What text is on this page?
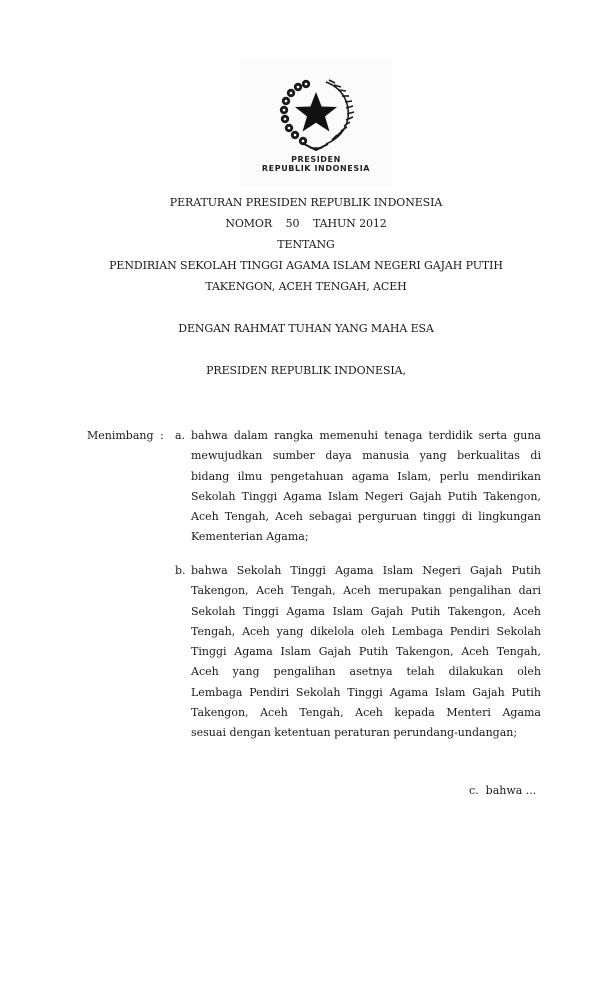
PRESIDEN
REPUBLIK INDONESIA
PERATURAN PRESIDEN REPUBLIK INDONESIA
NOMOR    50    TAHUN 2012
TENTANG
PENDIRIAN SEKOLAH TINGGI AGAMA ISLAM NEGERI GAJAH PUTIH
TAKENGON, ACEH TENGAH, ACEH
DENGAN RAHMAT TUHAN YANG MAHA ESA
PRESIDEN REPUBLIK INDONESIA,
Menimbang : a. bahwa dalam rangka memenuhi tenaga terdidik serta guna
mewujudkan sumber daya manusia yang berkualitas di
bidang ilmu pengetahuan agama Islam, perlu mendirikan
Sekolah Tinggi Agama Islam Negeri Gajah Putih Takengon,
Aceh Tengah, Aceh sebagai perguruan tinggi di lingkungan
Kementerian Agama;
b. bahwa Sekolah Tinggi Agama Islam Negeri Gajah Putih
Takengon, Aceh Tengah, Aceh merupakan pengalihan dari
Sekolah Tinggi Agama Islam Gajah Putih Takengon, Aceh
Tengah, Aceh yang dikelola oleh Lembaga Pendiri Sekolah
Tinggi Agama Islam Gajah Putih Takengon, Aceh Tengah,
Aceh yang pengalihan asetnya telah dilakukan oleh
Lembaga Pendiri Sekolah Tinggi Agama Islam Gajah Putih
Takengon, Aceh Tengah, Aceh kepada Menteri Agama
sesuai dengan ketentuan peraturan perundang-undangan;
c.  bahwa ...
